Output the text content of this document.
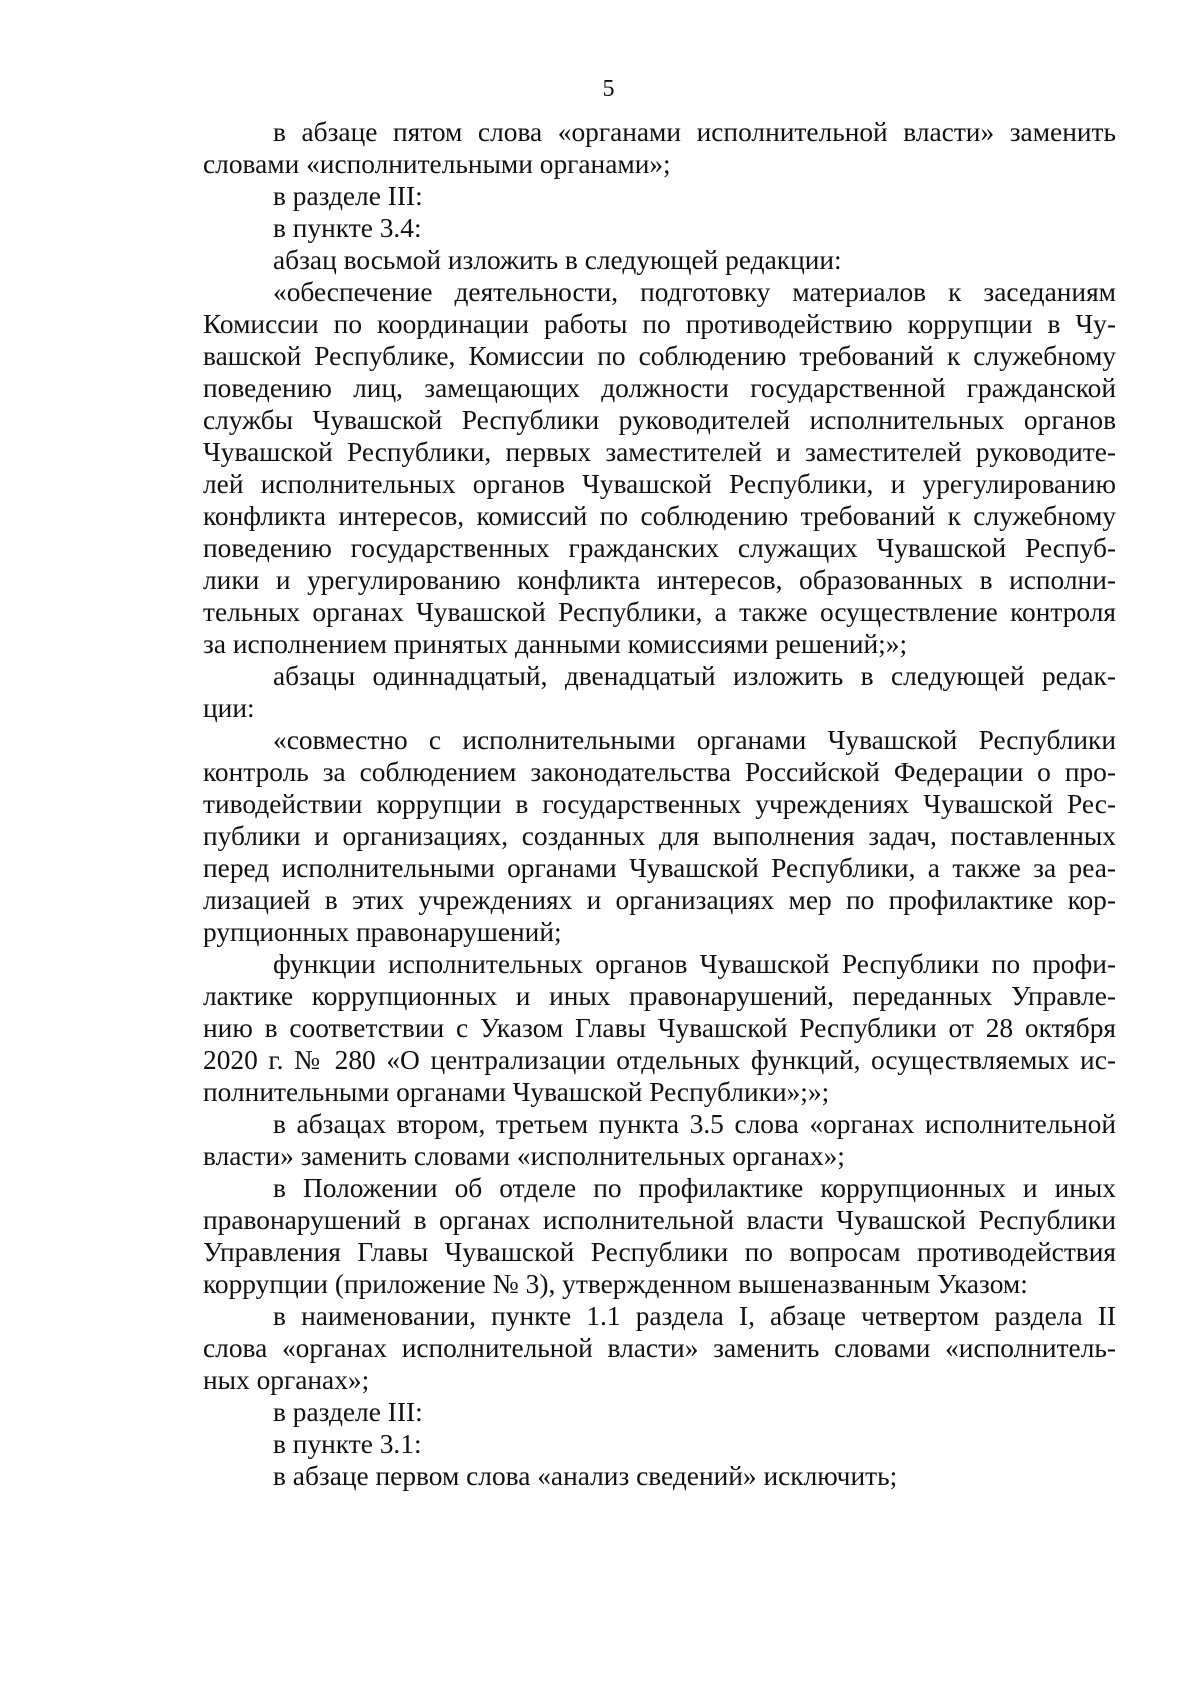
5
в абзаце пятом слова «органами исполнительной власти» заменить
словами «исполнительными органами»;
в разделе III:
в пункте 3.4:
абзац восьмой изложить в следующей редакции:
«обеспечение деятельности, подготовку материалов к заседаниям
Комиссии по координации работы по противодействию коррупции в Чу-
вашской Республике, Комиссии по соблюдению требований к служебному
поведению лиц, замещающих должности государственной гражданской
службы Чувашской Республики руководителей исполнительных органов
Чувашской Республики, первых заместителей и заместителей руководите-
лей исполнительных органов Чувашской Республики, и урегулированию
конфликта интересов, комиссий по соблюдению требований к служебному
поведению государственных гражданских служащих Чувашской Респуб-
лики и урегулированию конфликта интересов, образованных в исполни-
тельных органах Чувашской Республики, а также осуществление контроля
за исполнением принятых данными комиссиями решений;»;
абзацы одиннадцатый, двенадцатый изложить в следующей редак-
ции:
«совместно с исполнительными органами Чувашской Республики
контроль за соблюдением законодательства Российской Федерации о про-
тиводействии коррупции в государственных учреждениях Чувашской Рес-
публики и организациях, созданных для выполнения задач, поставленных
перед исполнительными органами Чувашской Республики, а также за реа-
лизацией в этих учреждениях и организациях мер по профилактике кор-
рупционных правонарушений;
функции исполнительных органов Чувашской Республики по профи-
лактике коррупционных и иных правонарушений, переданных Управле-
нию в соответствии с Указом Главы Чувашской Республики от 28 октября
2020 г. № 280 «О централизации отдельных функций, осуществляемых ис-
полнительными органами Чувашской Республики»;»;
в абзацах втором, третьем пункта 3.5 слова «органах исполнительной
власти» заменить словами «исполнительных органах»;
в Положении об отделе по профилактике коррупционных и иных
правонарушений в органах исполнительной власти Чувашской Республики
Управления Главы Чувашской Республики по вопросам противодействия
коррупции (приложение № 3), утвержденном вышеназванным Указом:
в наименовании, пункте 1.1 раздела I, абзаце четвертом раздела II
слова «органах исполнительной власти» заменить словами «исполнитель-
ных органах»;
в разделе III:
в пункте 3.1:
в абзаце первом слова «анализ сведений» исключить;
